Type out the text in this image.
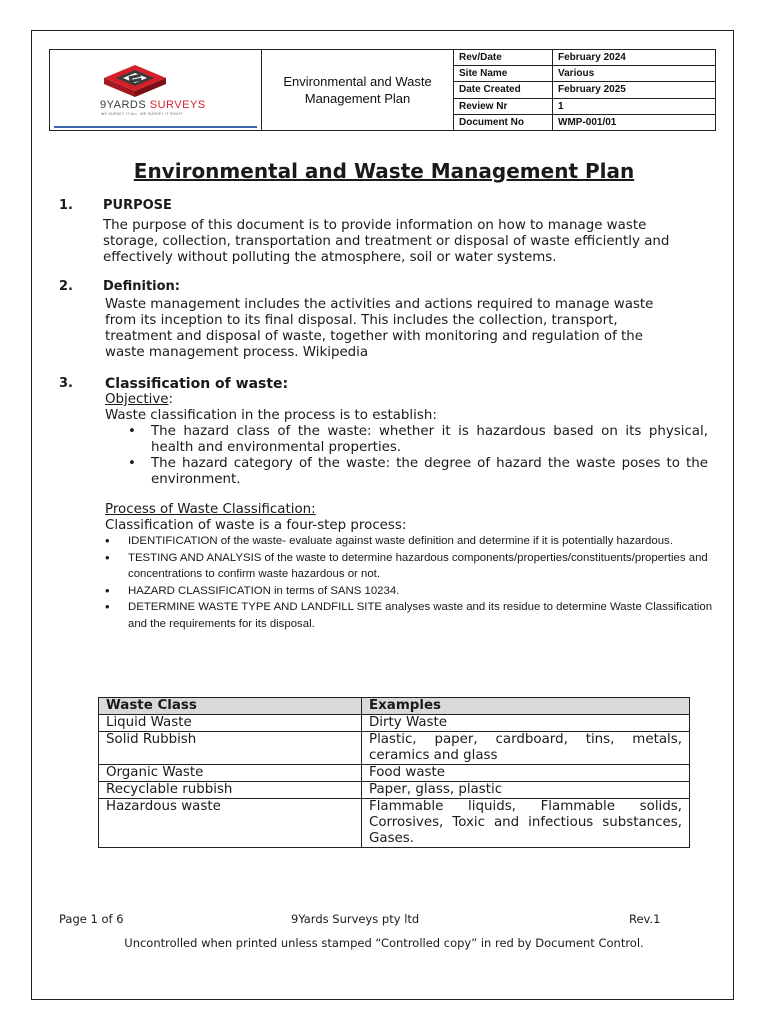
9YARDS SURVEYS
WE SURVEY IT ALL. WE SURVEY IT RIGHT.
Environmental and Waste Management Plan
Rev/Date	February 2024
Site Name	Various
Date Created	February 2025
Review Nr	1
Document No	WMP-001/01
Environmental and Waste Management Plan
1. PURPOSE
The purpose of this document is to provide information on how to manage waste
storage, collection, transportation and treatment or disposal of waste efficiently and
effectively without polluting the atmosphere, soil or water systems.
2. Definition:
Waste management includes the activities and actions required to manage waste
from its inception to its final disposal. This includes the collection, transport,
treatment and disposal of waste, together with monitoring and regulation of the
waste management process. Wikipedia
3. Classification of waste:
Objective:
Waste classification in the process is to establish:
• The hazard class of the waste: whether it is hazardous based on its physical, health and environmental properties.
• The hazard category of the waste: the degree of hazard the waste poses to the environment.
Process of Waste Classification:
Classification of waste is a four-step process:
• IDENTIFICATION of the waste- evaluate against waste definition and determine if it is potentially hazardous.
• TESTING AND ANALYSIS of the waste to determine hazardous components/properties/constituents/properties and concentrations to confirm waste hazardous or not.
• HAZARD CLASSIFICATION in terms of SANS 10234.
• DETERMINE WASTE TYPE AND LANDFILL SITE analyses waste and its residue to determine Waste Classification and the requirements for its disposal.
Waste Class	Examples
Liquid Waste	Dirty Waste
Solid Rubbish	Plastic, paper, cardboard, tins, metals, ceramics and glass
Organic Waste	Food waste
Recyclable rubbish	Paper, glass, plastic
Hazardous waste	Flammable liquids, Flammable solids, Corrosives, Toxic and infectious substances, Gases.
Page 1 of 6	9Yards Surveys pty ltd	Rev.1
Uncontrolled when printed unless stamped “Controlled copy” in red by Document Control.
